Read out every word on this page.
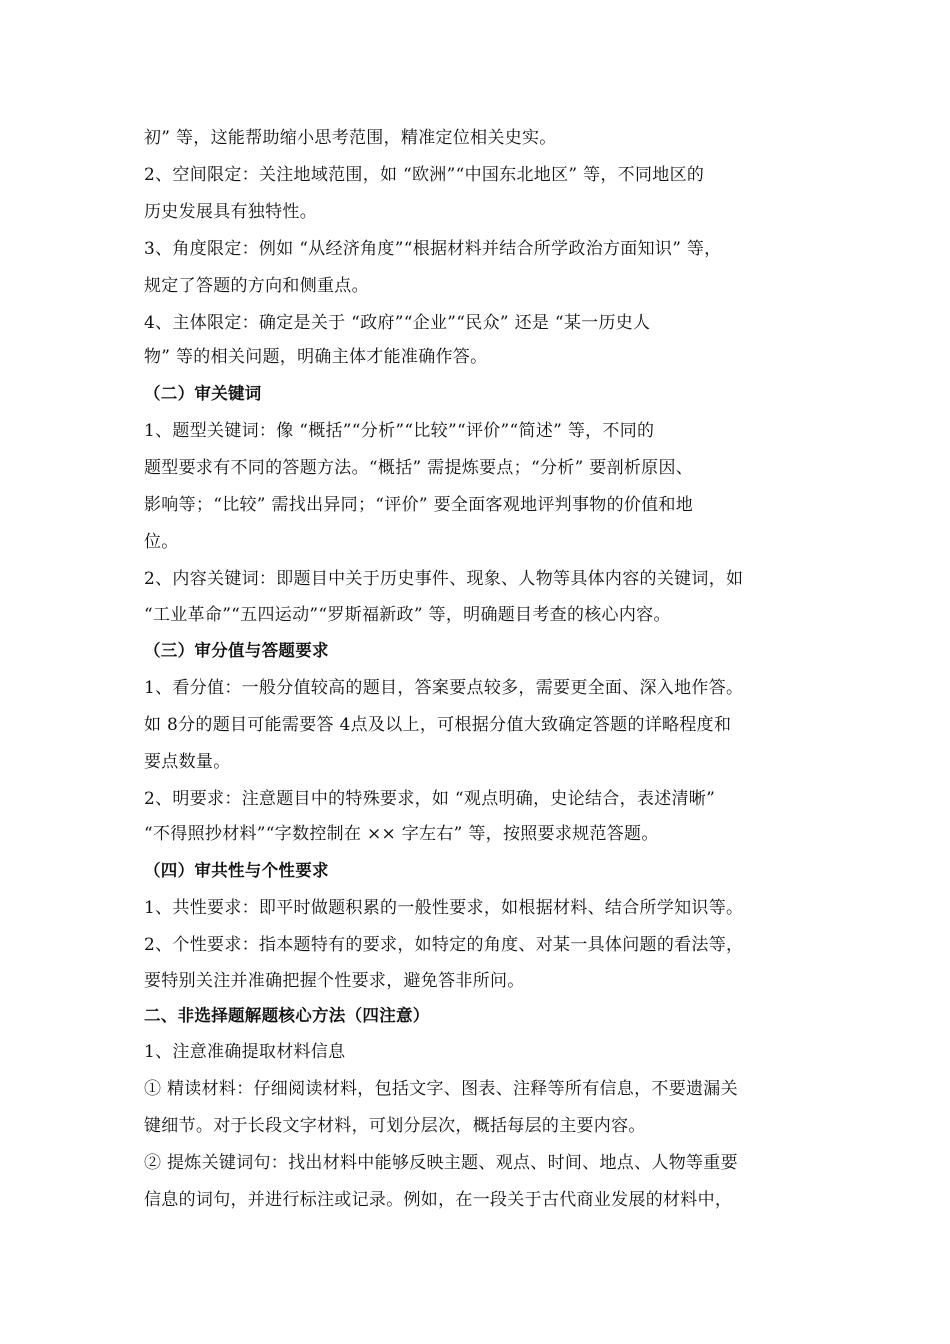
初” 等，这能帮助缩小思考范围，精准定位相关史实。
2、空间限定：关注地域范围，如 “欧洲”“中国东北地区” 等，不同地区的
历史发展具有独特性。
3、角度限定：例如 “从经济角度”“根据材料并结合所学政治方面知识” 等，
规定了答题的方向和侧重点。
4、主体限定：确定是关于 “政府”“企业”“民众” 还是 “某一历史人
物” 等的相关问题，明确主体才能准确作答。
（二）审关键词
1、题型关键词：像 “概括”“分析”“比较”“评价”“简述” 等，不同的
题型要求有不同的答题方法。“概括” 需提炼要点；“分析” 要剖析原因、
影响等；“比较” 需找出异同；“评价” 要全面客观地评判事物的价值和地
位。
2、内容关键词：即题目中关于历史事件、现象、人物等具体内容的关键词，如
“工业革命”“五四运动”“罗斯福新政” 等，明确题目考查的核心内容。
（三）审分值与答题要求
1、看分值：一般分值较高的题目，答案要点较多，需要更全面、深入地作答。
如 8分的题目可能需要答 4点及以上，可根据分值大致确定答题的详略程度和
要点数量。
2、明要求：注意题目中的特殊要求，如 “观点明确，史论结合，表述清晰”
“不得照抄材料”“字数控制在 ×× 字左右” 等，按照要求规范答题。
（四）审共性与个性要求
1、共性要求：即平时做题积累的一般性要求，如根据材料、结合所学知识等。
2、个性要求：指本题特有的要求，如特定的角度、对某一具体问题的看法等，
要特别关注并准确把握个性要求，避免答非所问。
二、非选择题解题核心方法（四注意）
1、注意准确提取材料信息
① 精读材料：仔细阅读材料，包括文字、图表、注释等所有信息，不要遗漏关
键细节。对于长段文字材料，可划分层次，概括每层的主要内容。
② 提炼关键词句：找出材料中能够反映主题、观点、时间、地点、人物等重要
信息的词句，并进行标注或记录。例如，在一段关于古代商业发展的材料中，
